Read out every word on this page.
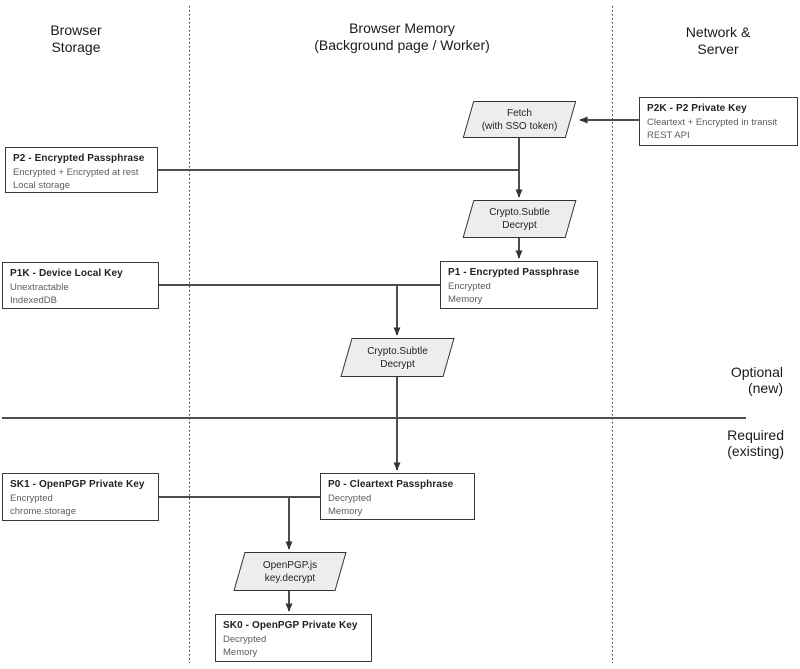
Browser
Storage
Browser Memory
(Background page / Worker)
Network &
Server
Optional
(new)
Required
(existing)
P2 - Encrypted Passphrase
Encrypted + Encrypted at rest
Local storage
P2K - P2 Private Key
Cleartext + Encrypted in transit
REST API
P1K - Device Local Key
Unextractable
IndexedDB
P1 - Encrypted Passphrase
Encrypted
Memory
SK1 - OpenPGP Private Key
Encrypted
chrome.storage
P0 - Cleartext Passphrase
Decrypted
Memory
SK0 - OpenPGP Private Key
Decrypted
Memory
Fetch
(with SSO token)
Crypto.Subtle
Decrypt
Crypto.Subtle
Decrypt
OpenPGP.js
key.decrypt
